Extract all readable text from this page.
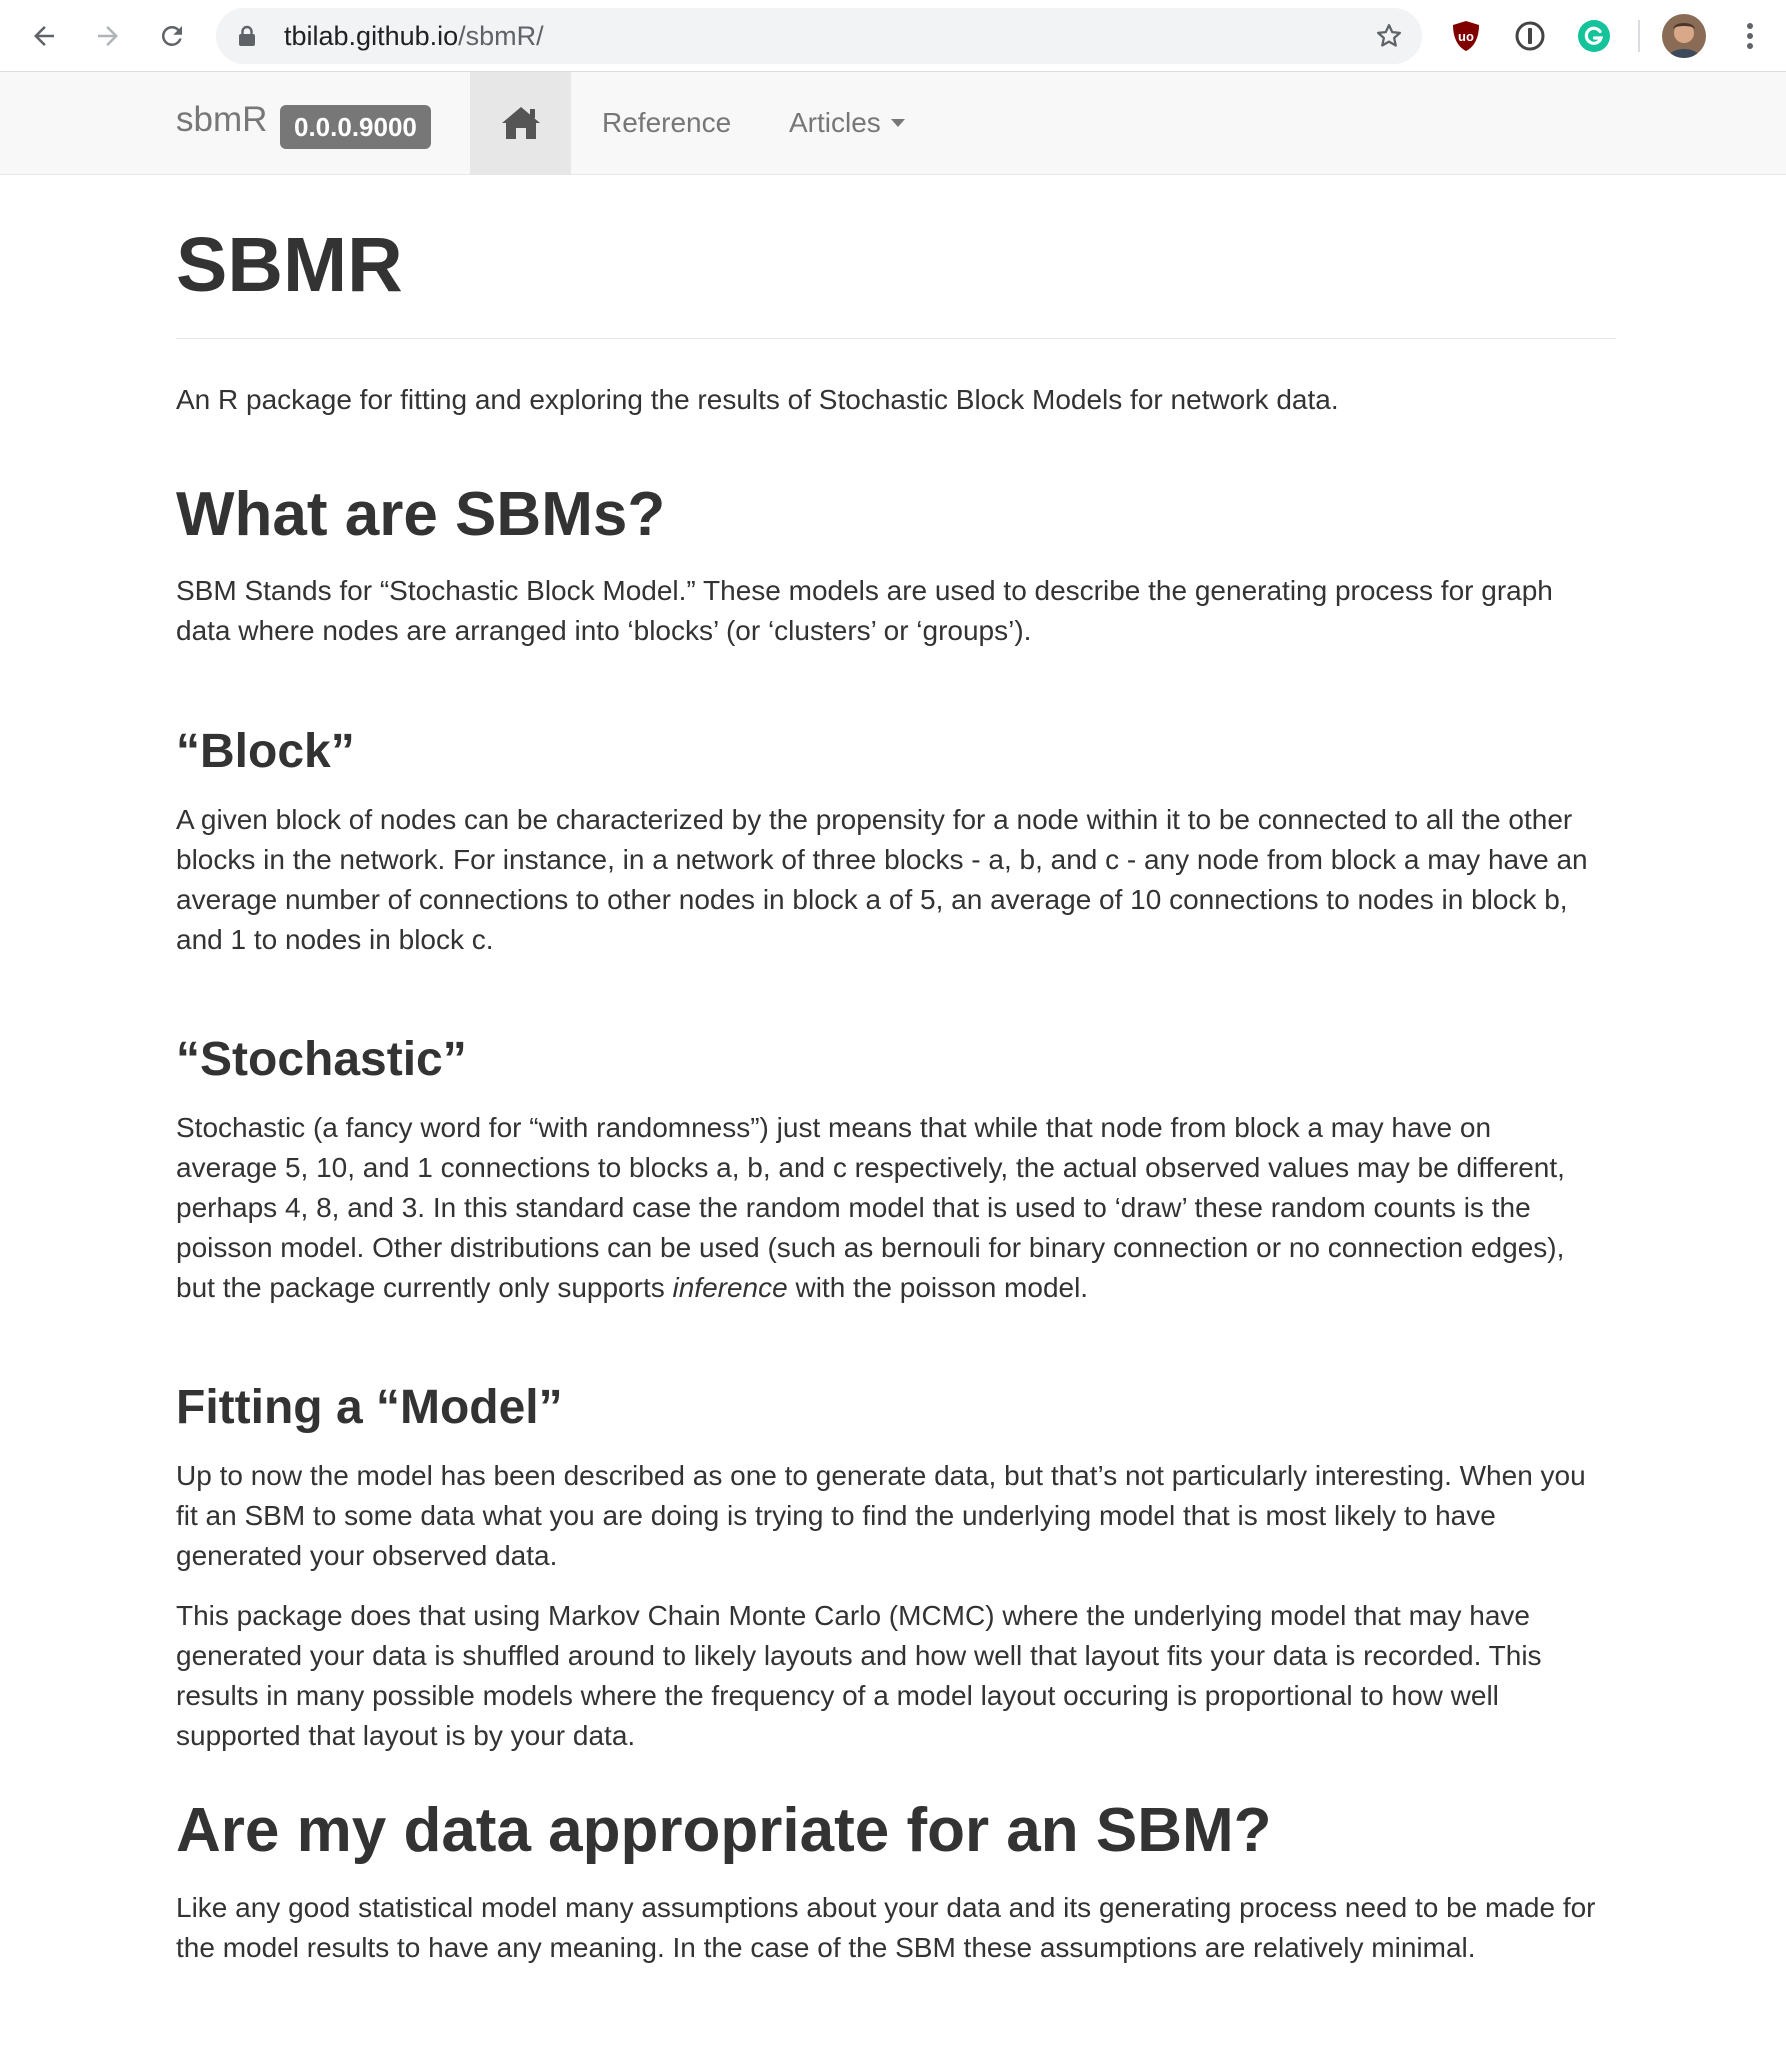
tbilab.github.io/sbmR/	uo
sbmR	0.0.0.9000	Reference Articles
SBMR

An R package for fitting and exploring the results of Stochastic Block Models for network data.

What are SBMs?

SBM Stands for “Stochastic Block Model.” These models are used to describe the generating process for graph
data where nodes are arranged into ‘blocks’ (or ‘clusters’ or ‘groups’).

“Block”

A given block of nodes can be characterized by the propensity for a node within it to be connected to all the other
blocks in the network. For instance, in a network of three blocks - a, b, and c - any node from block a may have an
average number of connections to other nodes in block a of 5, an average of 10 connections to nodes in block b,
and 1 to nodes in block c.

“Stochastic”

Stochastic (a fancy word for “with randomness”) just means that while that node from block a may have on
average 5, 10, and 1 connections to blocks a, b, and c respectively, the actual observed values may be different,
perhaps 4, 8, and 3. In this standard case the random model that is used to ‘draw’ these random counts is the
poisson model. Other distributions can be used (such as bernouli for binary connection or no connection edges),
but the package currently only supports inference with the poisson model.

Fitting a “Model”

Up to now the model has been described as one to generate data, but that’s not particularly interesting. When you
fit an SBM to some data what you are doing is trying to find the underlying model that is most likely to have
generated your observed data.

This package does that using Markov Chain Monte Carlo (MCMC) where the underlying model that may have
generated your data is shuffled around to likely layouts and how well that layout fits your data is recorded. This
results in many possible models where the frequency of a model layout occuring is proportional to how well
supported that layout is by your data.

Are my data appropriate for an SBM?

Like any good statistical model many assumptions about your data and its generating process need to be made for
the model results to have any meaning. In the case of the SBM these assumptions are relatively minimal.
